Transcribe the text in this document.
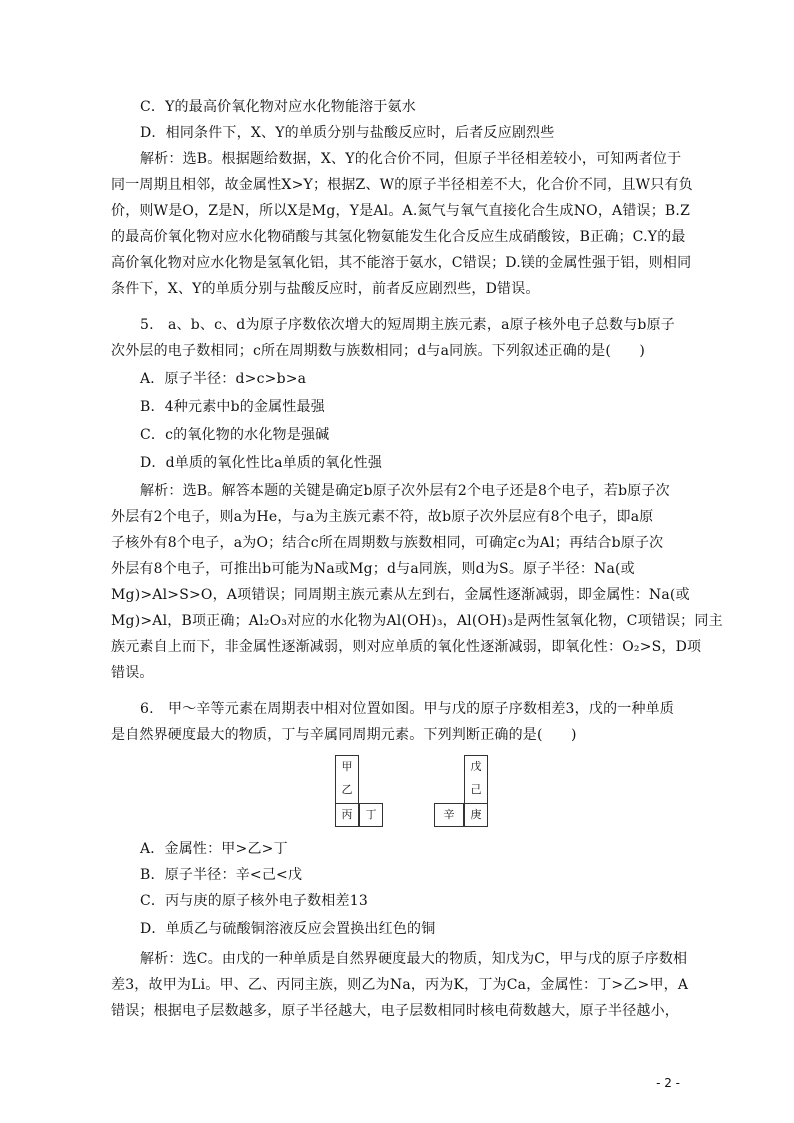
C．Y的最高价氧化物对应水化物能溶于氨水
D．相同条件下，X、Y的单质分别与盐酸反应时，后者反应剧烈些
解析：选B。根据题给数据，X、Y的化合价不同，但原子半径相差较小，可知两者位于
同一周期且相邻，故金属性X>Y；根据Z、W的原子半径相差不大，化合价不同，且W只有负
价，则W是O，Z是N，所以X是Mg，Y是Al。A.氮气与氧气直接化合生成NO，A错误；B.Z
的最高价氧化物对应水化物硝酸与其氢化物氨能发生化合反应生成硝酸铵，B正确；C.Y的最
高价氧化物对应水化物是氢氧化铝，其不能溶于氨水，C错误；D.镁的金属性强于铝，则相同
条件下，X、Y的单质分别与盐酸反应时，前者反应剧烈些，D错误。
5.　a、b、c、d为原子序数依次增大的短周期主族元素，a原子核外电子总数与b原子
次外层的电子数相同；c所在周期数与族数相同；d与a同族。下列叙述正确的是(　　)
A．原子半径：d>c>b>a
B．4种元素中b的金属性最强
C．c的氧化物的水化物是强碱
D．d单质的氧化性比a单质的氧化性强
解析：选B。解答本题的关键是确定b原子次外层有2个电子还是8个电子，若b原子次
外层有2个电子，则a为He，与a为主族元素不符，故b原子次外层应有8个电子，即a原
子核外有8个电子，a为O；结合c所在周期数与族数相同，可确定c为Al；再结合b原子次
外层有8个电子，可推出b可能为Na或Mg；d与a同族，则d为S。原子半径：Na(或
Mg)>Al>S>O，A项错误；同周期主族元素从左到右，金属性逐渐减弱，即金属性：Na(或
Mg)>Al，B项正确；Al₂O₃对应的水化物为Al(OH)₃，Al(OH)₃是两性氢氧化物，C项错误；同主
族元素自上而下，非金属性逐渐减弱，则对应单质的氧化性逐渐减弱，即氧化性：O₂>S，D项
错误。
6.　甲～辛等元素在周期表中相对位置如图。甲与戊的原子序数相差3，戊的一种单质
是自然界硬度最大的物质，丁与辛属同周期元素。下列判断正确的是(　　)
甲
乙
丙	丁
戊
己
辛	庚
A．金属性：甲>乙>丁
B．原子半径：辛<己<戊
C．丙与庚的原子核外电子数相差13
D．单质乙与硫酸铜溶液反应会置换出红色的铜
解析：选C。由戊的一种单质是自然界硬度最大的物质，知戊为C，甲与戊的原子序数相
差3，故甲为Li。甲、乙、丙同主族，则乙为Na，丙为K，丁为Ca，金属性：丁>乙>甲，A
错误；根据电子层数越多，原子半径越大，电子层数相同时核电荷数越大，原子半径越小，
- 2 -
